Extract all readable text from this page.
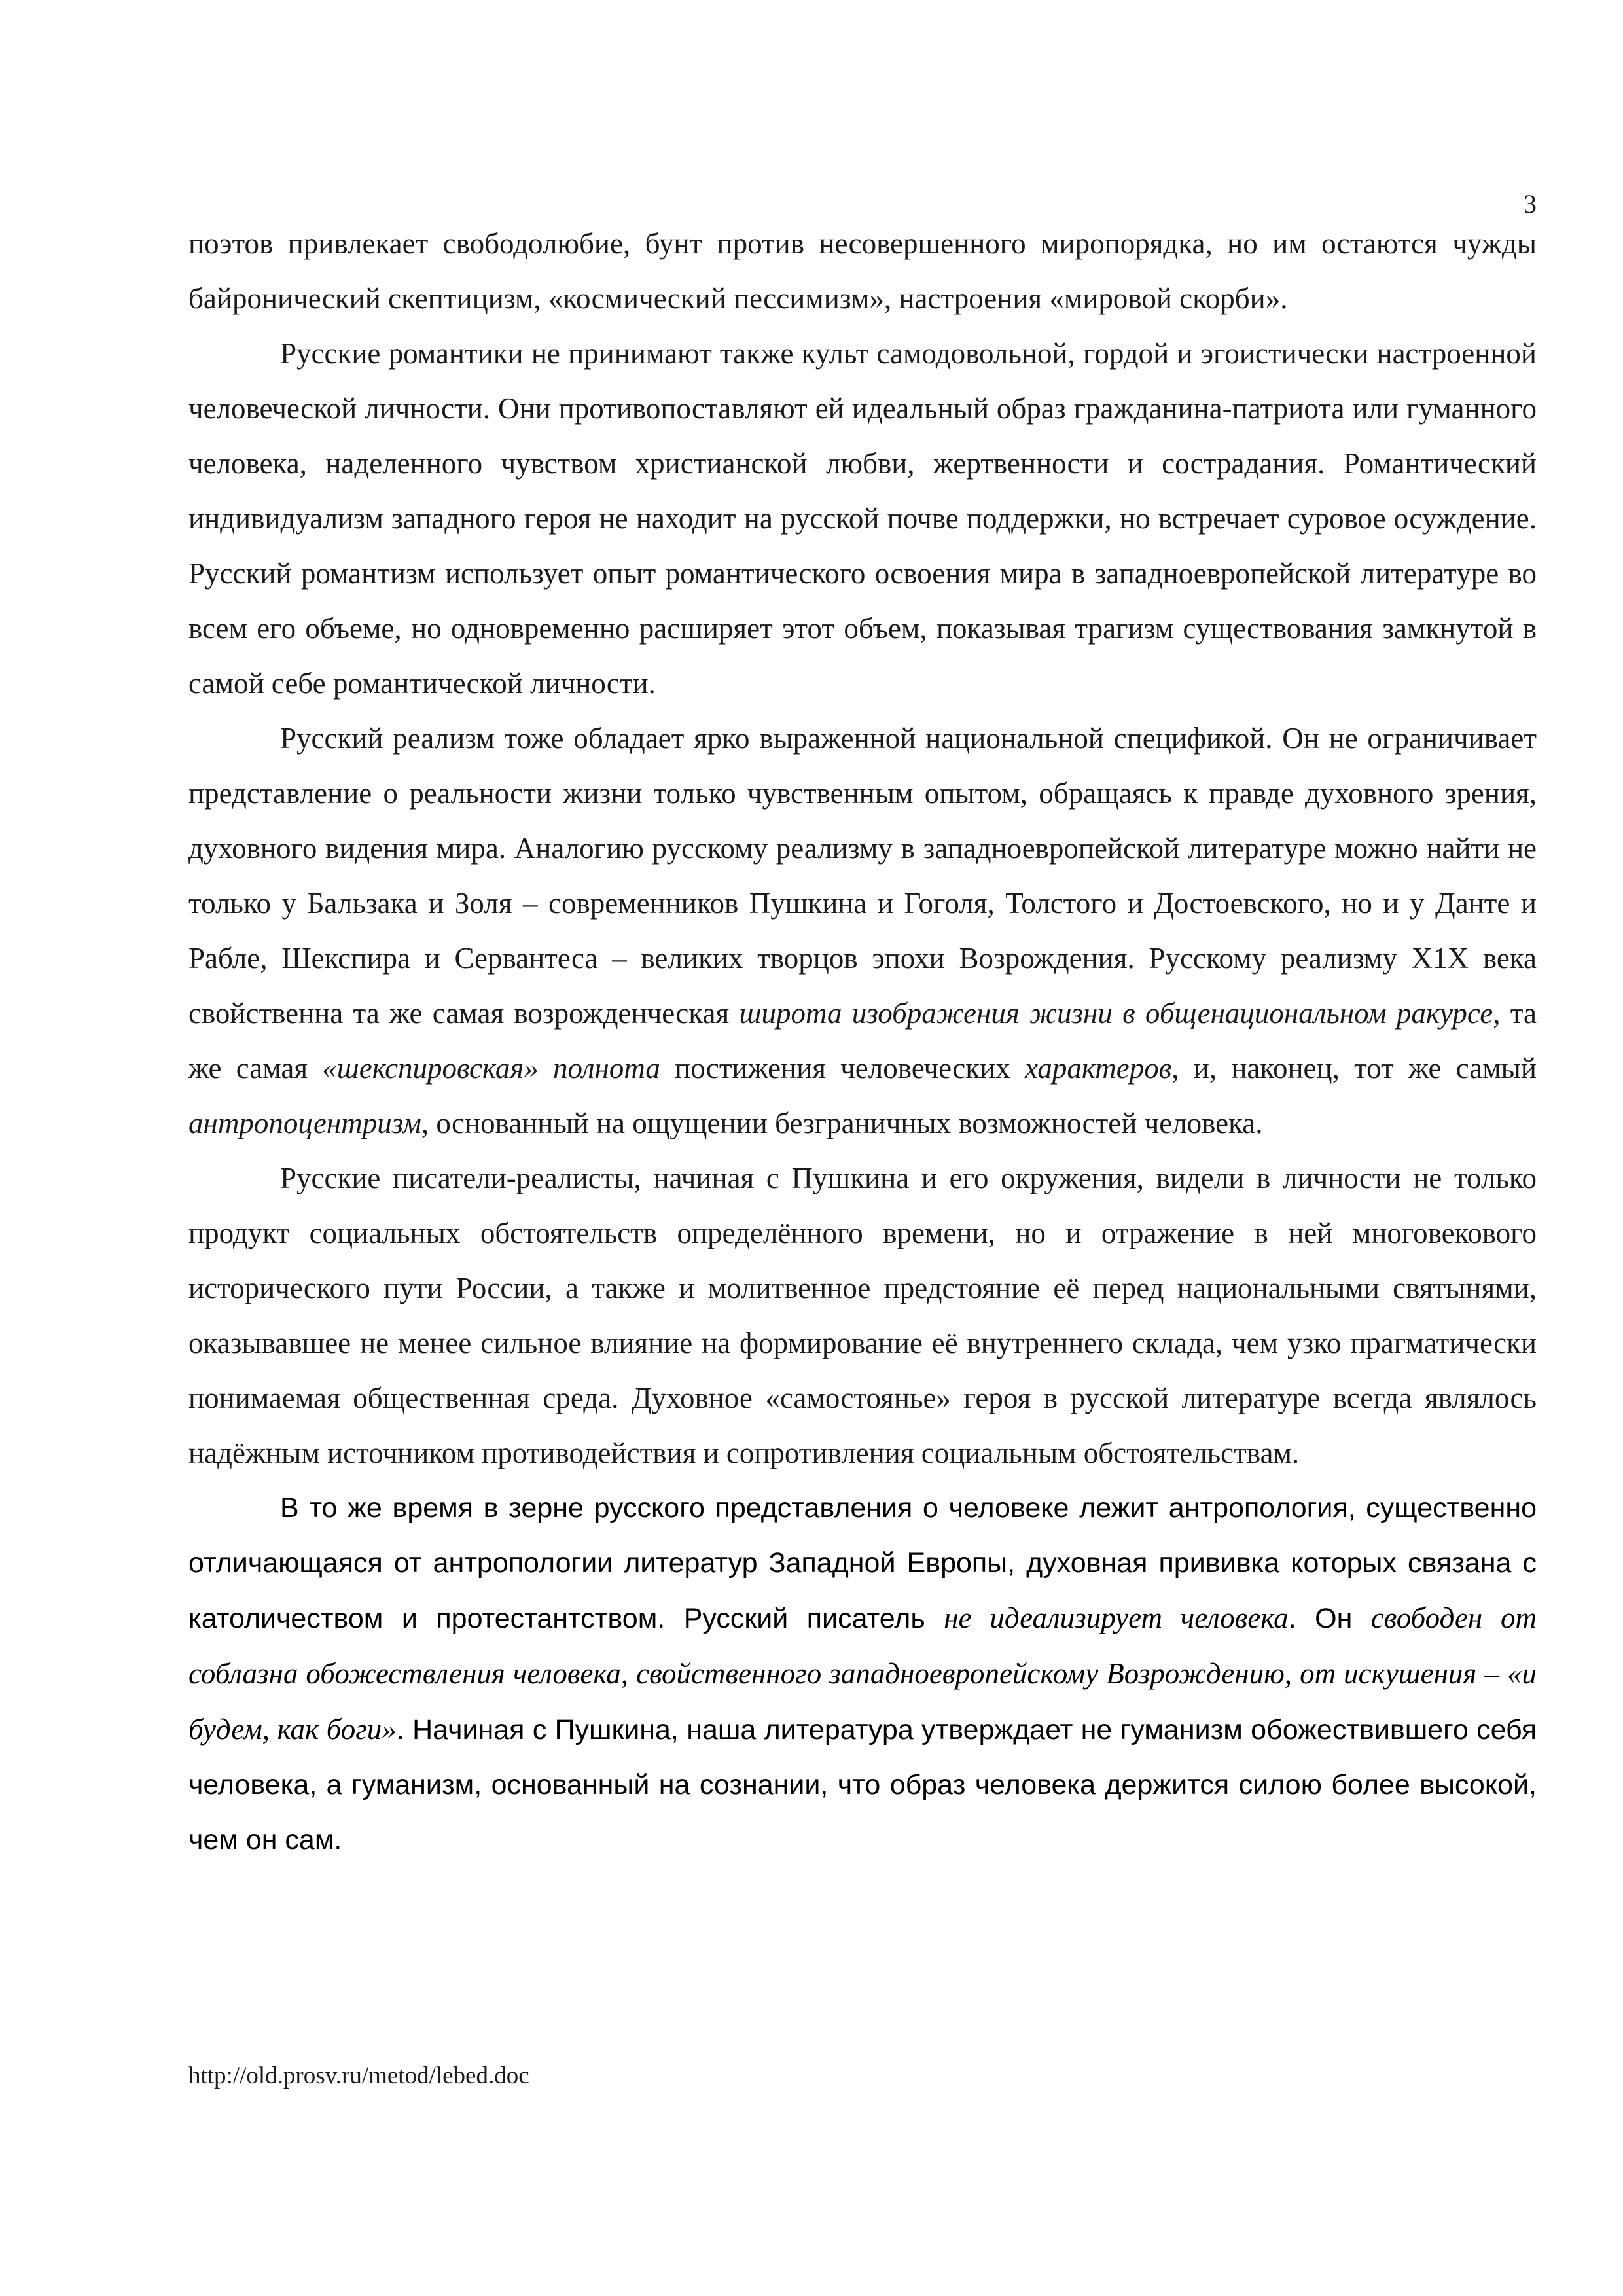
3

поэтов привлекает свободолюбие, бунт против несовершенного миропорядка, но им остаются чужды байронический скептицизм, «космический пессимизм», настроения «мировой скорби».

Русские романтики не принимают также культ самодовольной, гордой и эгоистически настроенной человеческой личности. Они противопоставляют ей идеальный образ гражданина-патриота или гуманного человека, наделенного чувством христианской любви, жертвенности и сострадания. Романтический индивидуализм западного героя не находит на русской почве поддержки, но встречает суровое осуждение. Русский романтизм использует опыт романтического освоения мира в западноевропейской литературе во всем его объеме, но одновременно расширяет этот объем, показывая трагизм существования замкнутой в самой себе романтической личности.

Русский реализм тоже обладает ярко выраженной национальной спецификой. Он не ограничивает представление о реальности жизни только чувственным опытом, обращаясь к правде духовного зрения, духовного видения мира. Аналогию русскому реализму в западноевропейской литературе можно найти не только у Бальзака и Золя – современников Пушкина и Гоголя, Толстого и Достоевского, но и у Данте и Рабле, Шекспира и Сервантеса – великих творцов эпохи Возрождения. Русскому реализму Х1Х века свойственна та же самая возрожденческая широта изображения жизни в общенациональном ракурсе, та же самая «шекспировская» полнота постижения человеческих характеров, и, наконец, тот же самый антропоцентризм, основанный на ощущении безграничных возможностей человека.

Русские писатели-реалисты, начиная с Пушкина и его окружения, видели в личности не только продукт социальных обстоятельств определённого времени, но и отражение в ней многовекового исторического пути России, а также и молитвенное предстояние её перед национальными святынями, оказывавшее не менее сильное влияние на формирование её внутреннего склада, чем узко прагматически понимаемая общественная среда. Духовное «самостоянье» героя в русской литературе всегда являлось надёжным источником противодействия и сопротивления социальным обстоятельствам.

В то же время в зерне русского представления о человеке лежит антропология, существенно отличающаяся от антропологии литератур Западной Европы, духовная прививка которых связана с католичеством и протестантством. Русский писатель не идеализирует человека. Он свободен от соблазна обожествления человека, свойственного западноевропейскому Возрождению, от искушения – «и будем, как боги». Начиная с Пушкина, наша литература утверждает не гуманизм обожествившего себя человека, а гуманизм, основанный на сознании, что образ человека держится силою более высокой, чем он сам.

http://old.prosv.ru/metod/lebed.doc
